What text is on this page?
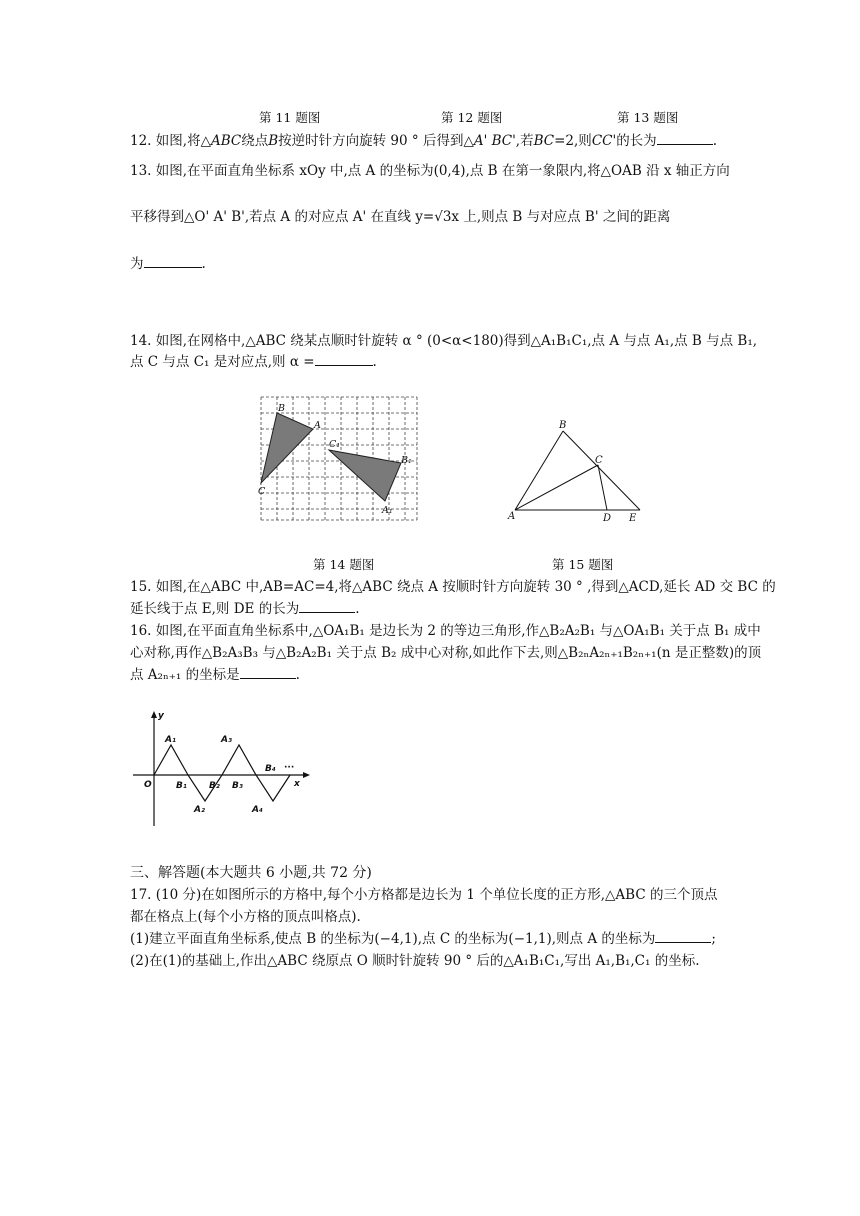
第 11 题图	第 12 题图	第 13 题图
12. 如图,将△ABC绕点B按逆时针方向旋转 90 ° 后得到△A' BC',若BC=2,则CC'的长为	.
13. 如图,在平面直角坐标系 xOy 中,点 A 的坐标为(0,4),点 B 在第一象限内,将△OAB 沿 x 轴正方向
平移得到△O' A' B',若点 A 的对应点 A' 在直线 y=√3x 上,则点 B 与对应点 B' 之间的距离
为	.
14. 如图,在网格中,△ABC 绕某点顺时针旋转 α ° (0<α<180)得到△A₁B₁C₁,点 A 与点 A₁,点 B 与点 B₁,
点 C 与点 C₁ 是对应点,则 α =	.
B
A
C
C₁
B₁
A₁
B
C
A	D E
第 14 题图	第 15 题图
15. 如图,在△ABC 中,AB=AC=4,将△ABC 绕点 A 按顺时针方向旋转 30 ° ,得到△ACD,延长 AD 交 BC 的
延长线于点 E,则 DE 的长为	.
16. 如图,在平面直角坐标系中,△OA₁B₁ 是边长为 2 的等边三角形,作△B₂A₂B₁ 与△OA₁B₁ 关于点 B₁ 成中
心对称,再作△B₂A₃B₃ 与△B₂A₂B₁ 关于点 B₂ 成中心对称,如此作下去,则△B₂ₙA₂ₙ₊₁B₂ₙ₊₁(n 是正整数)的顶
点 A₂ₙ₊₁ 的坐标是	.
y
x
O
A₁
B₁
A₂
B₂
A₃
B₃
A₄
B₄ ···
三、解答题(本大题共 6 小题,共 72 分)
17. (10 分)在如图所示的方格中,每个小方格都是边长为 1 个单位长度的正方形,△ABC 的三个顶点
都在格点上(每个小方格的顶点叫格点).
(1)建立平面直角坐标系,使点 B 的坐标为(−4,1),点 C 的坐标为(−1,1),则点 A 的坐标为	;
(2)在(1)的基础上,作出△ABC 绕原点 O 顺时针旋转 90 ° 后的△A₁B₁C₁,写出 A₁,B₁,C₁ 的坐标.
